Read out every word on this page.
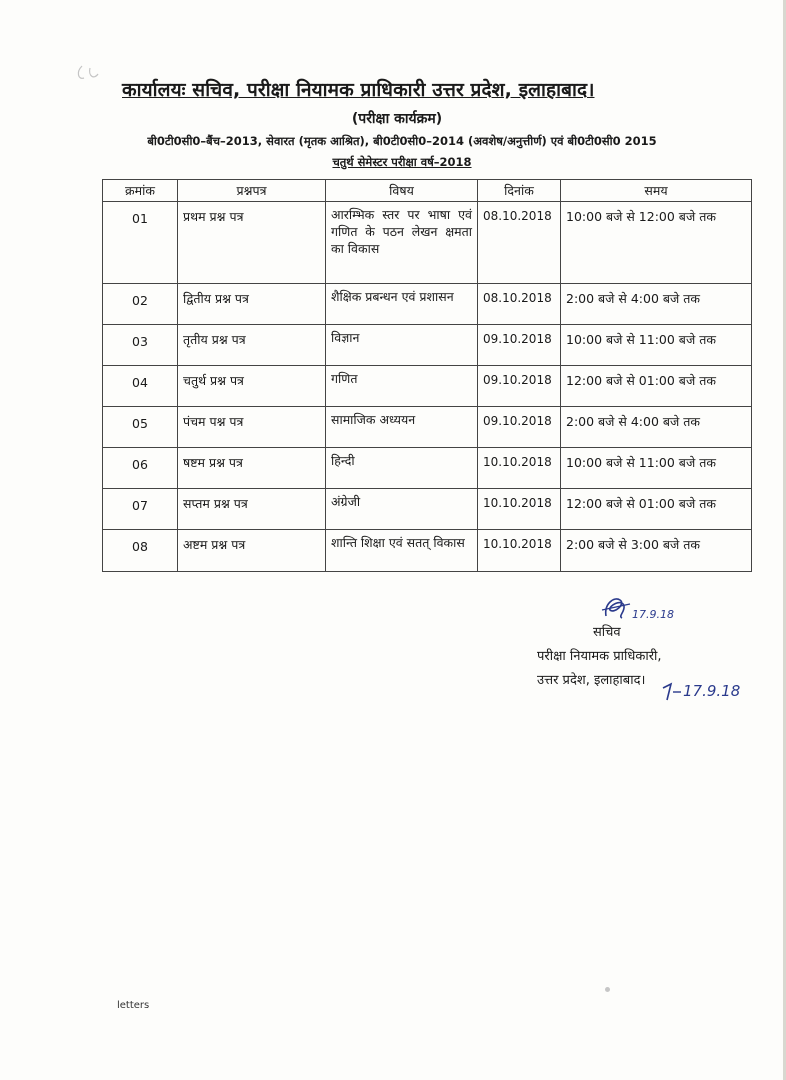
कार्यालयः सचिव, परीक्षा नियामक प्राधिकारी उत्तर प्रदेश, इलाहाबाद।
(परीक्षा कार्यक्रम)
बी0टी0सी0–बैंच–2013, सेवारत (मृतक आश्रित), बी0टी0सी0–2014 (अवशेष/अनुत्तीर्ण) एवं बी0टी0सी0 2015
चतुर्थ सेमेस्टर परीक्षा वर्ष–2018
क्रमांक	प्रश्नपत्र	विषय	दिनांक	समय
01	प्रथम प्रश्न पत्र	आरम्भिक स्तर पर भाषा एवं गणित के पठन लेखन क्षमता का विकास	08.10.2018	10:00 बजे से 12:00 बजे तक
02	द्वितीय प्रश्न पत्र	शैक्षिक प्रबन्धन एवं प्रशासन	08.10.2018	2:00 बजे से 4:00 बजे तक
03	तृतीय प्रश्न पत्र	विज्ञान	09.10.2018	10:00 बजे से 11:00 बजे तक
04	चतुर्थ प्रश्न पत्र	गणित	09.10.2018	12:00 बजे से 01:00 बजे तक
05	पंचम पश्न पत्र	सामाजिक अध्ययन	09.10.2018	2:00 बजे से 4:00 बजे तक
06	षष्टम प्रश्न पत्र	हिन्दी	10.10.2018	10:00 बजे से 11:00 बजे तक
07	सप्तम प्रश्न पत्र	अंग्रेजी	10.10.2018	12:00 बजे से 01:00 बजे तक
08	अष्टम प्रश्न पत्र	शान्ति शिक्षा एवं सतत् विकास	10.10.2018	2:00 बजे से 3:00 बजे तक
17.9.18
सचिव
परीक्षा नियामक प्राधिकारी,
उत्तर प्रदेश, इलाहाबाद।
17.9.18
letters
